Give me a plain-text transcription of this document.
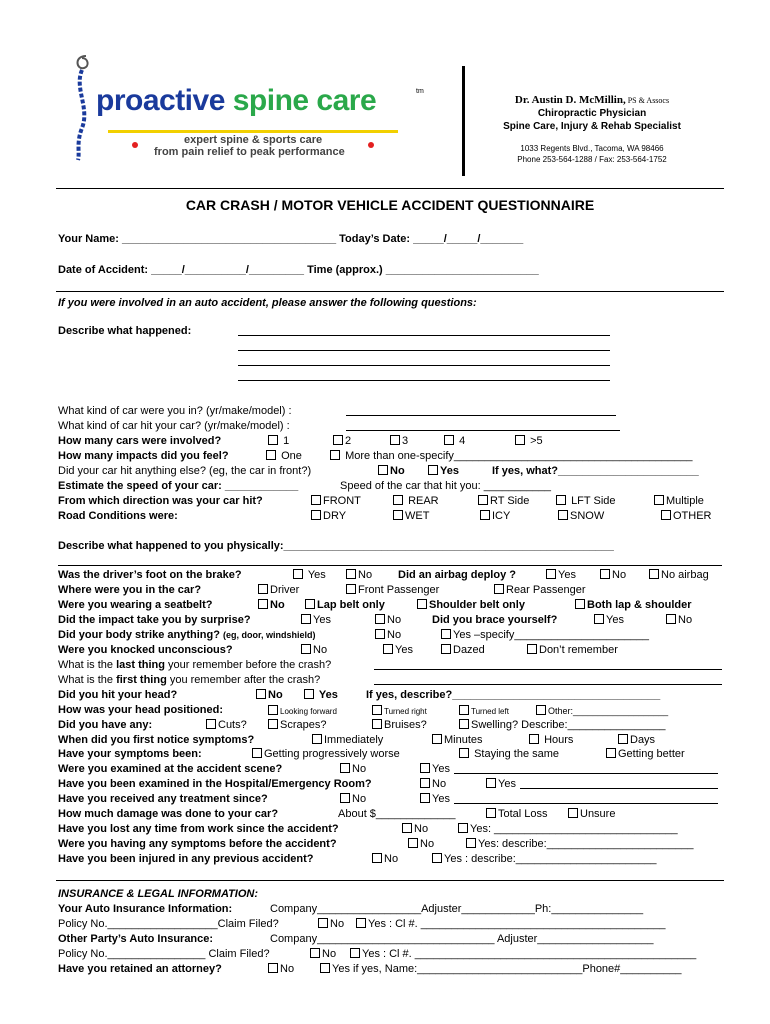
proactive spine care	tm
expert spine & sports care
from pain relief to peak performance
Dr. Austin D. McMillin, PS & Assocs
Chiropractic Physician
Spine Care, Injury & Rehab Specialist
1033 Regents Blvd., Tacoma, WA 98466
Phone 253-564-1288 / Fax: 253-564-1752
CAR CRASH / MOTOR VEHICLE ACCIDENT QUESTIONNAIRE
Your Name: ___________________________________ Today’s Date: _____/_____/_______
Date of Accident: _____/__________/_________ Time (approx.) _________________________
If you were involved in an auto accident, please answer the following questions:
Describe what happened:
What kind of car were you in? (yr/make/model) :
What kind of car hit your car? (yr/make/model) :
How many cars were involved?	1	2	3	4	>5
How many impacts did you feel?	One	More than one-specify_______________________________________
Did your car hit anything else? (eg, the car in front?)	No	Yes	If yes, what?_______________________
Estimate the speed of your car: ____________	Speed of the car that hit you: ___________
From which direction was your car hit?	FRONT	REAR	RT Side	LFT Side	Multiple
Road Conditions were:	DRY	WET	ICY	SNOW	OTHER
Describe what happened to you physically:______________________________________________________
Was the driver’s foot on the brake?	Yes	No Did an airbag deploy ?	Yes	No	No airbag
Where were you in the car?	Driver	Front Passenger	Rear Passenger
Were you wearing a seatbelt?	No	Lap belt only	Shoulder belt only	Both lap & shoulder
Did the impact take you by surprise?	Yes	No	Did you brace yourself?	Yes	No
Did your body strike anything? (eg, door, windshield)	No	Yes –specify______________________
Were you knocked unconscious?	No	Yes	Dazed	Don’t remember
What is the last thing your remember before the crash?
What is the first thing you remember after the crash?
Did you hit your head?	No	Yes	If yes, describe?__________________________________
How was your head positioned:	Looking forward	Turned right	Turned left	Other:___________________
Did you have any:	Cuts?	Scrapes?	Bruises?	Swelling? Describe:________________
When did you first notice symptoms?	Immediately	Minutes	Hours	Days
Have your symptoms been:	Getting progressively worse	Staying the same	Getting better
Were you examined at the accident scene?	No	Yes
Have you been examined in the Hospital/Emergency Room?	No	Yes
Have you received any treatment since?	No	Yes
How much damage was done to your car?	About $_____________	Total Loss	Unsure
Have you lost any time from work since the accident?	No	Yes: ______________________________
Were you having any symptoms before the accident?	No	Yes: describe:________________________
Have you been injured in any previous accident?	No	Yes : describe:_______________________
INSURANCE & LEGAL INFORMATION:
Your Auto Insurance Information:	Company_________________Adjuster____________Ph:_______________
Policy No.__________________Claim Filed?	No	Yes : Cl #. ________________________________________
Other Party’s Auto Insurance:	Company_____________________________ Adjuster___________________
Policy No.________________ Claim Filed?	No	Yes : Cl #. ______________________________________________
Have you retained an attorney?	No	Yes if yes, Name:___________________________Phone#__________
